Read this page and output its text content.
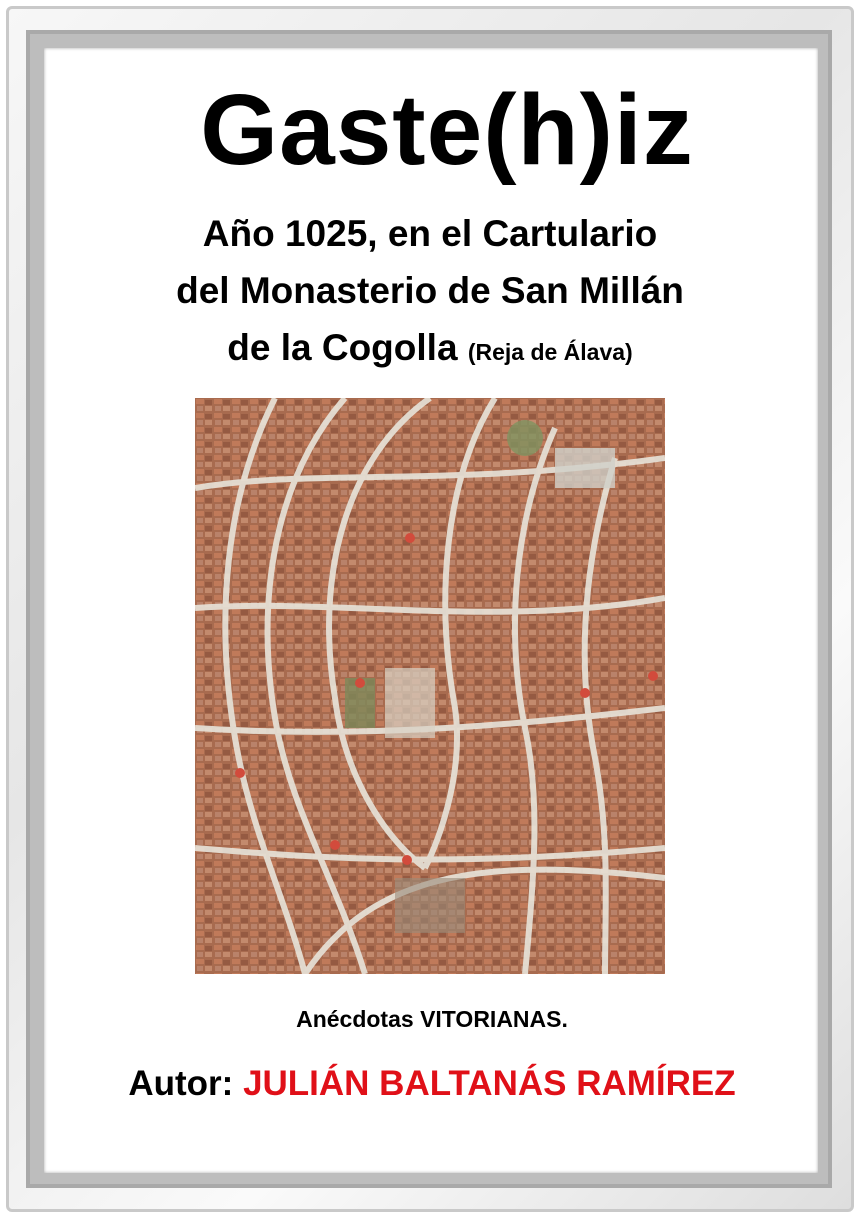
Gaste(h)iz
Año 1025, en el Cartulario
del Monasterio de San Millán
de la Cogolla (Reja de Álava)
Anécdotas VITORIANAS.
Autor: JULIÁN BALTANÁS RAMÍREZ
